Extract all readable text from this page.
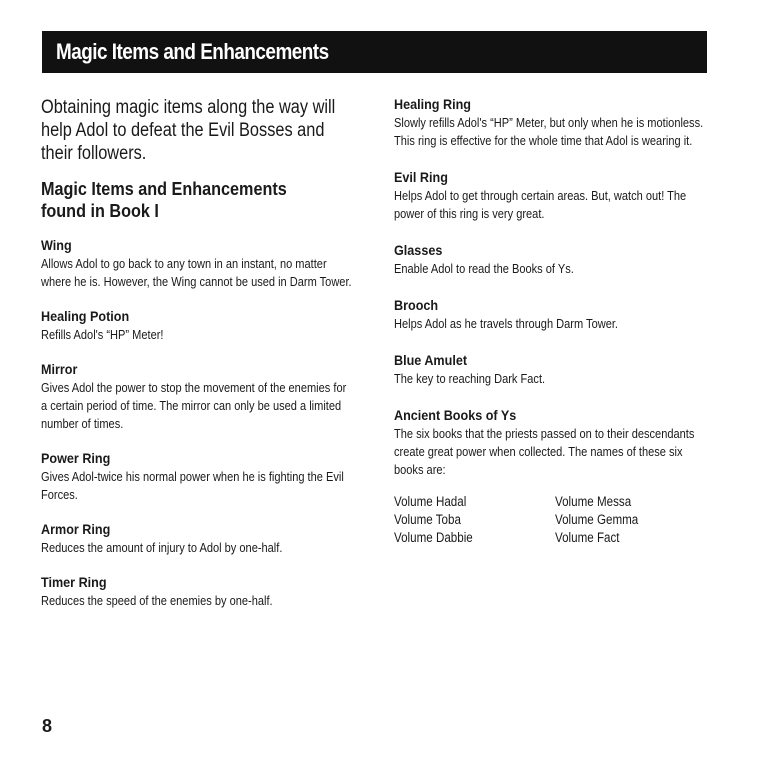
Magic Items and Enhancements

Obtaining magic items along the way will help Adol to defeat the Evil Bosses and their followers.

Magic Items and Enhancements
found in Book I
Wing

Allows Adol to go back to any town in an instant, no matter where he is. However, the Wing cannot be used in Darm Tower.

Healing Potion

Refills Adol's “HP” Meter!

Mirror

Gives Adol the power to stop the movement of the enemies for a certain period of time. The mirror can only be used a limited number of times.

Power Ring

Gives Adol-twice his normal power when he is fighting the Evil Forces.

Armor Ring

Reduces the amount of injury to Adol by one-half.

Timer Ring

Reduces the speed of the enemies by one-half.

Healing Ring

Slowly refills Adol's “HP” Meter, but only when he is motionless. This ring is effective for the whole time that Adol is wearing it.

Evil Ring

Helps Adol to get through certain areas. But, watch out! The power of this ring is very great.

Glasses

Enable Adol to read the Books of Ys.

Brooch

Helps Adol as he travels through Darm Tower.

Blue Amulet

The key to reaching Dark Fact.

Ancient Books of Ys

The six books that the priests passed on to their descendants create great power when collected. The names of these six books are:

Volume Hadal	Volume Messa
Volume Toba	Volume Gemma
Volume Dabbie	Volume Fact
8
